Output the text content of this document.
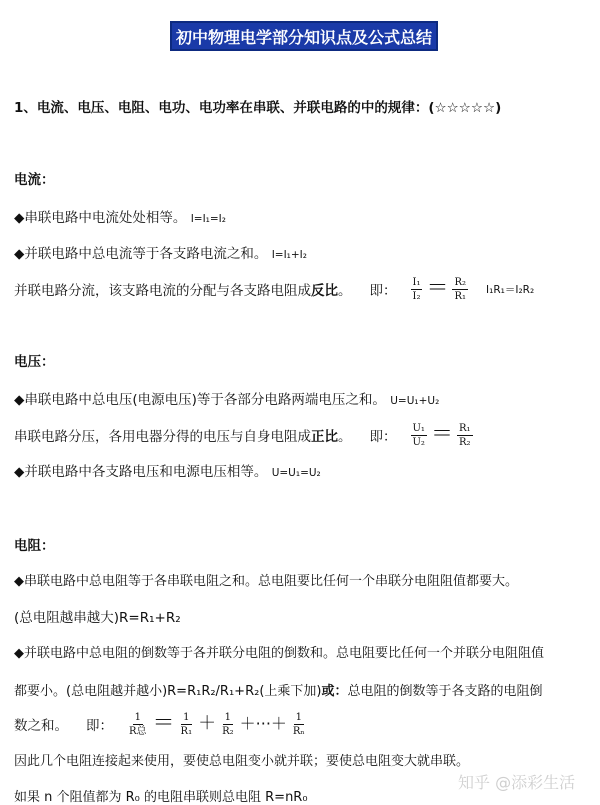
初中物理电学部分知识点及公式总结
1、电流、电压、电阻、电功、电功率在串联、并联电路的中的规律：(☆☆☆☆☆)
电流：
◆串联电路中电流处处相等。 I=I₁=I₂
◆并联电路中总电流等于各支路电流之和。 I=I₁+I₂
并联电路分流，该支路电流的分配与各支路电阻成 反比 。 即： $\frac{\text{I₁}}{\text{I₂}} = \frac{\text{R₂}}{\text{R₁}} I_1R_1=I_2R_2$
电压：
◆串联电路中总电压(电源电压)等于各部分电路两端电压之和。 U=U₁+U₂
串联电路分压，各用电器分得的电压与自身电阻成 正比 。 即： $\frac{\text{U₁}}{\text{U₂}} = \frac{\text{R₁}}{\text{R₂}}$
◆并联电路中各支路电压和电源电压相等。 U=U₁=U₂
电阻：
◆串联电路中总电阻等于各串联电阻之和。总电阻要比任何一个串联分电阻阻值都要大。
(总电阻越串越大)R=R₁+R₂
◆并联电路中总电阻的倒数等于各并联分电阻的倒数和。总电阻要比任何一个并联分电阻阻值
都要小。(总电阻越并越小)R=R₁R₂/R₁+R₂(上乘下加)或：总电阻的倒数等于各支路的电阻倒
数之和。 即： $\frac{1}{\text{R总}} = \frac{1}{\text{R₁}} + \frac{1}{\text{R₂}}$ ＋···＋ $\frac{1}{\text{Rₙ}}$
因此几个电阻连接起来使用，要使总电阻变小就并联；要使总电阻变大就串联。
如果 n 个阻值都为 R₀ 的电阻串联则总电阻 R=nR₀
知乎 @添彩生活
